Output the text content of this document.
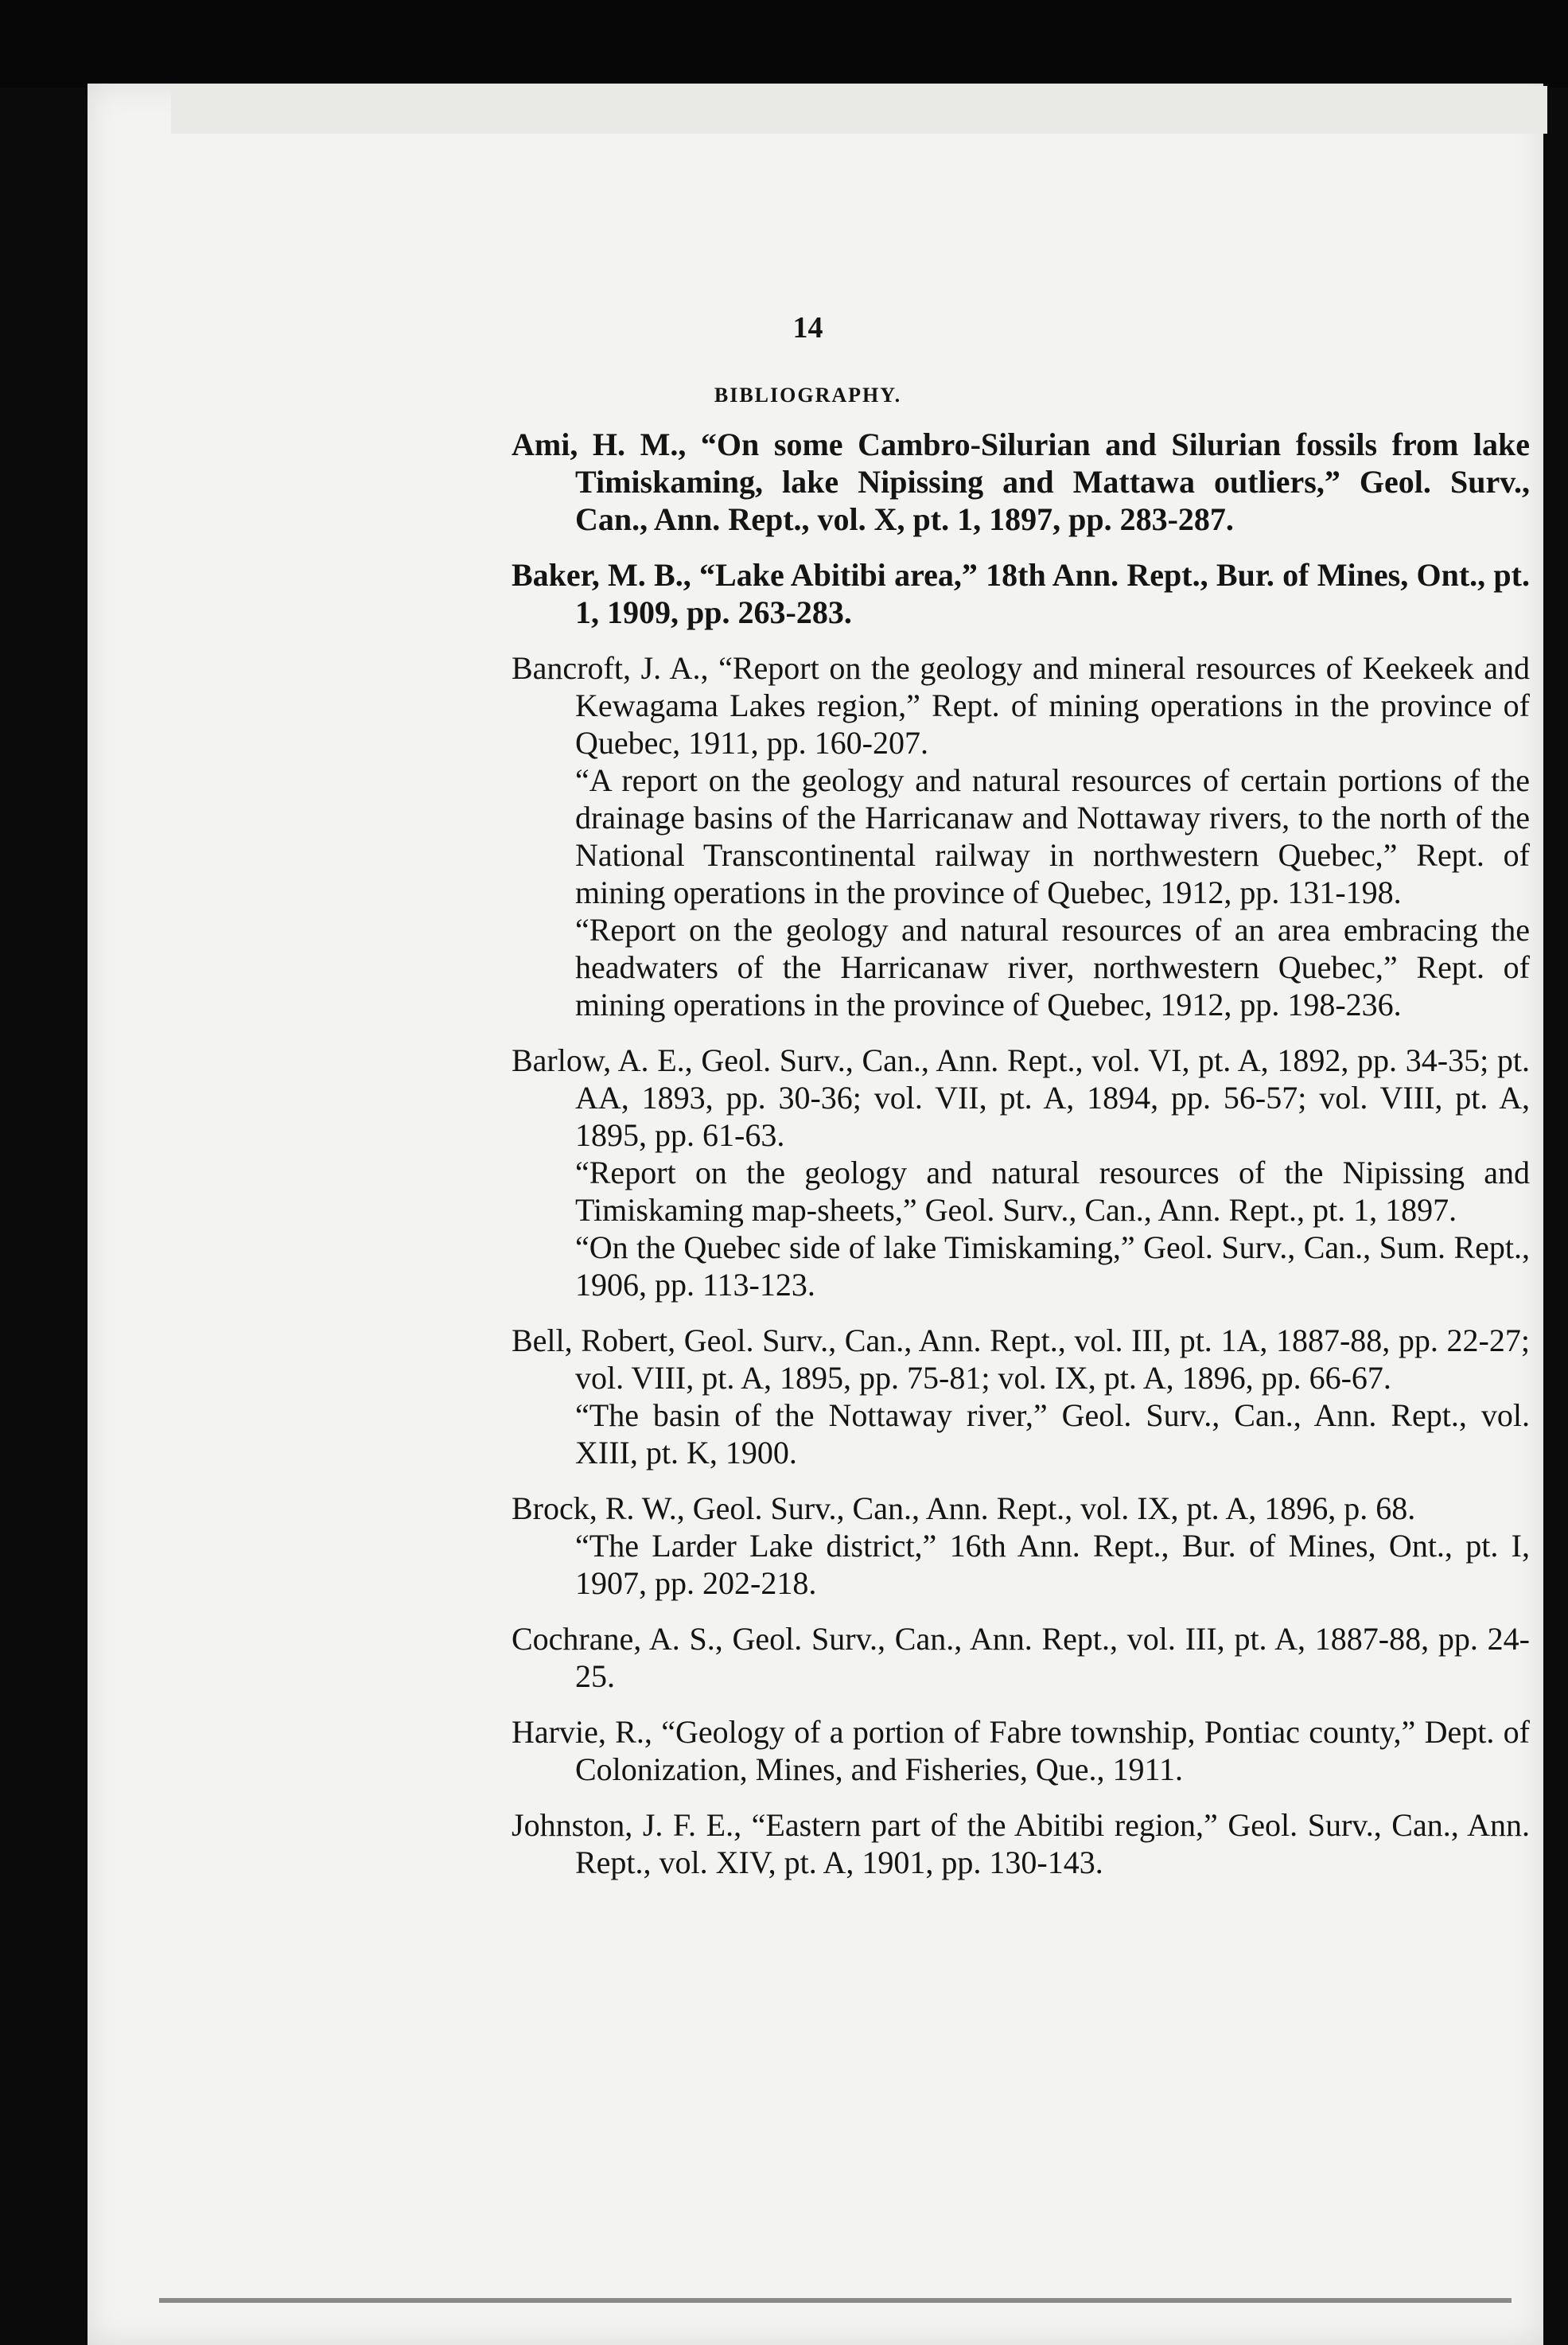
14
BIBLIOGRAPHY.

Ami, H. M., “On some Cambro-Silurian and Silurian fossils from lake Timiskaming, lake Nipissing and Mattawa outliers,” Geol. Surv., Can., Ann. Rept., vol. X, pt. 1, 1897, pp. 283-287.

Baker, M. B., “Lake Abitibi area,” 18th Ann. Rept., Bur. of Mines, Ont., pt. 1, 1909, pp. 263-283.

Bancroft, J. A., “Report on the geology and mineral resources of Keekeek and Kewagama Lakes region,” Rept. of mining operations in the province of Quebec, 1911, pp. 160-207.

“A report on the geology and natural resources of certain portions of the drainage basins of the Harricanaw and Nottaway rivers, to the north of the National Transcontinental railway in northwestern Quebec,” Rept. of mining operations in the province of Quebec, 1912, pp. 131-198.

“Report on the geology and natural resources of an area embracing the headwaters of the Harricanaw river, northwestern Quebec,” Rept. of mining operations in the province of Quebec, 1912, pp. 198-236.

Barlow, A. E., Geol. Surv., Can., Ann. Rept., vol. VI, pt. A, 1892, pp. 34-35; pt. AA, 1893, pp. 30-36; vol. VII, pt. A, 1894, pp. 56-57; vol. VIII, pt. A, 1895, pp. 61-63.

“Report on the geology and natural resources of the Nipissing and Timiskaming map-sheets,” Geol. Surv., Can., Ann. Rept., pt. 1, 1897.

“On the Quebec side of lake Timiskaming,” Geol. Surv., Can., Sum. Rept., 1906, pp. 113-123.

Bell, Robert, Geol. Surv., Can., Ann. Rept., vol. III, pt. 1A, 1887-88, pp. 22-27; vol. VIII, pt. A, 1895, pp. 75-81; vol. IX, pt. A, 1896, pp. 66-67.

“The basin of the Nottaway river,” Geol. Surv., Can., Ann. Rept., vol. XIII, pt. K, 1900.

Brock, R. W., Geol. Surv., Can., Ann. Rept., vol. IX, pt. A, 1896, p. 68.

“The Larder Lake district,” 16th Ann. Rept., Bur. of Mines, Ont., pt. I, 1907, pp. 202-218.

Cochrane, A. S., Geol. Surv., Can., Ann. Rept., vol. III, pt. A, 1887-88, pp. 24-25.

Harvie, R., “Geology of a portion of Fabre township, Pontiac county,” Dept. of Colonization, Mines, and Fisheries, Que., 1911.

Johnston, J. F. E., “Eastern part of the Abitibi region,” Geol. Surv., Can., Ann. Rept., vol. XIV, pt. A, 1901, pp. 130-143.
